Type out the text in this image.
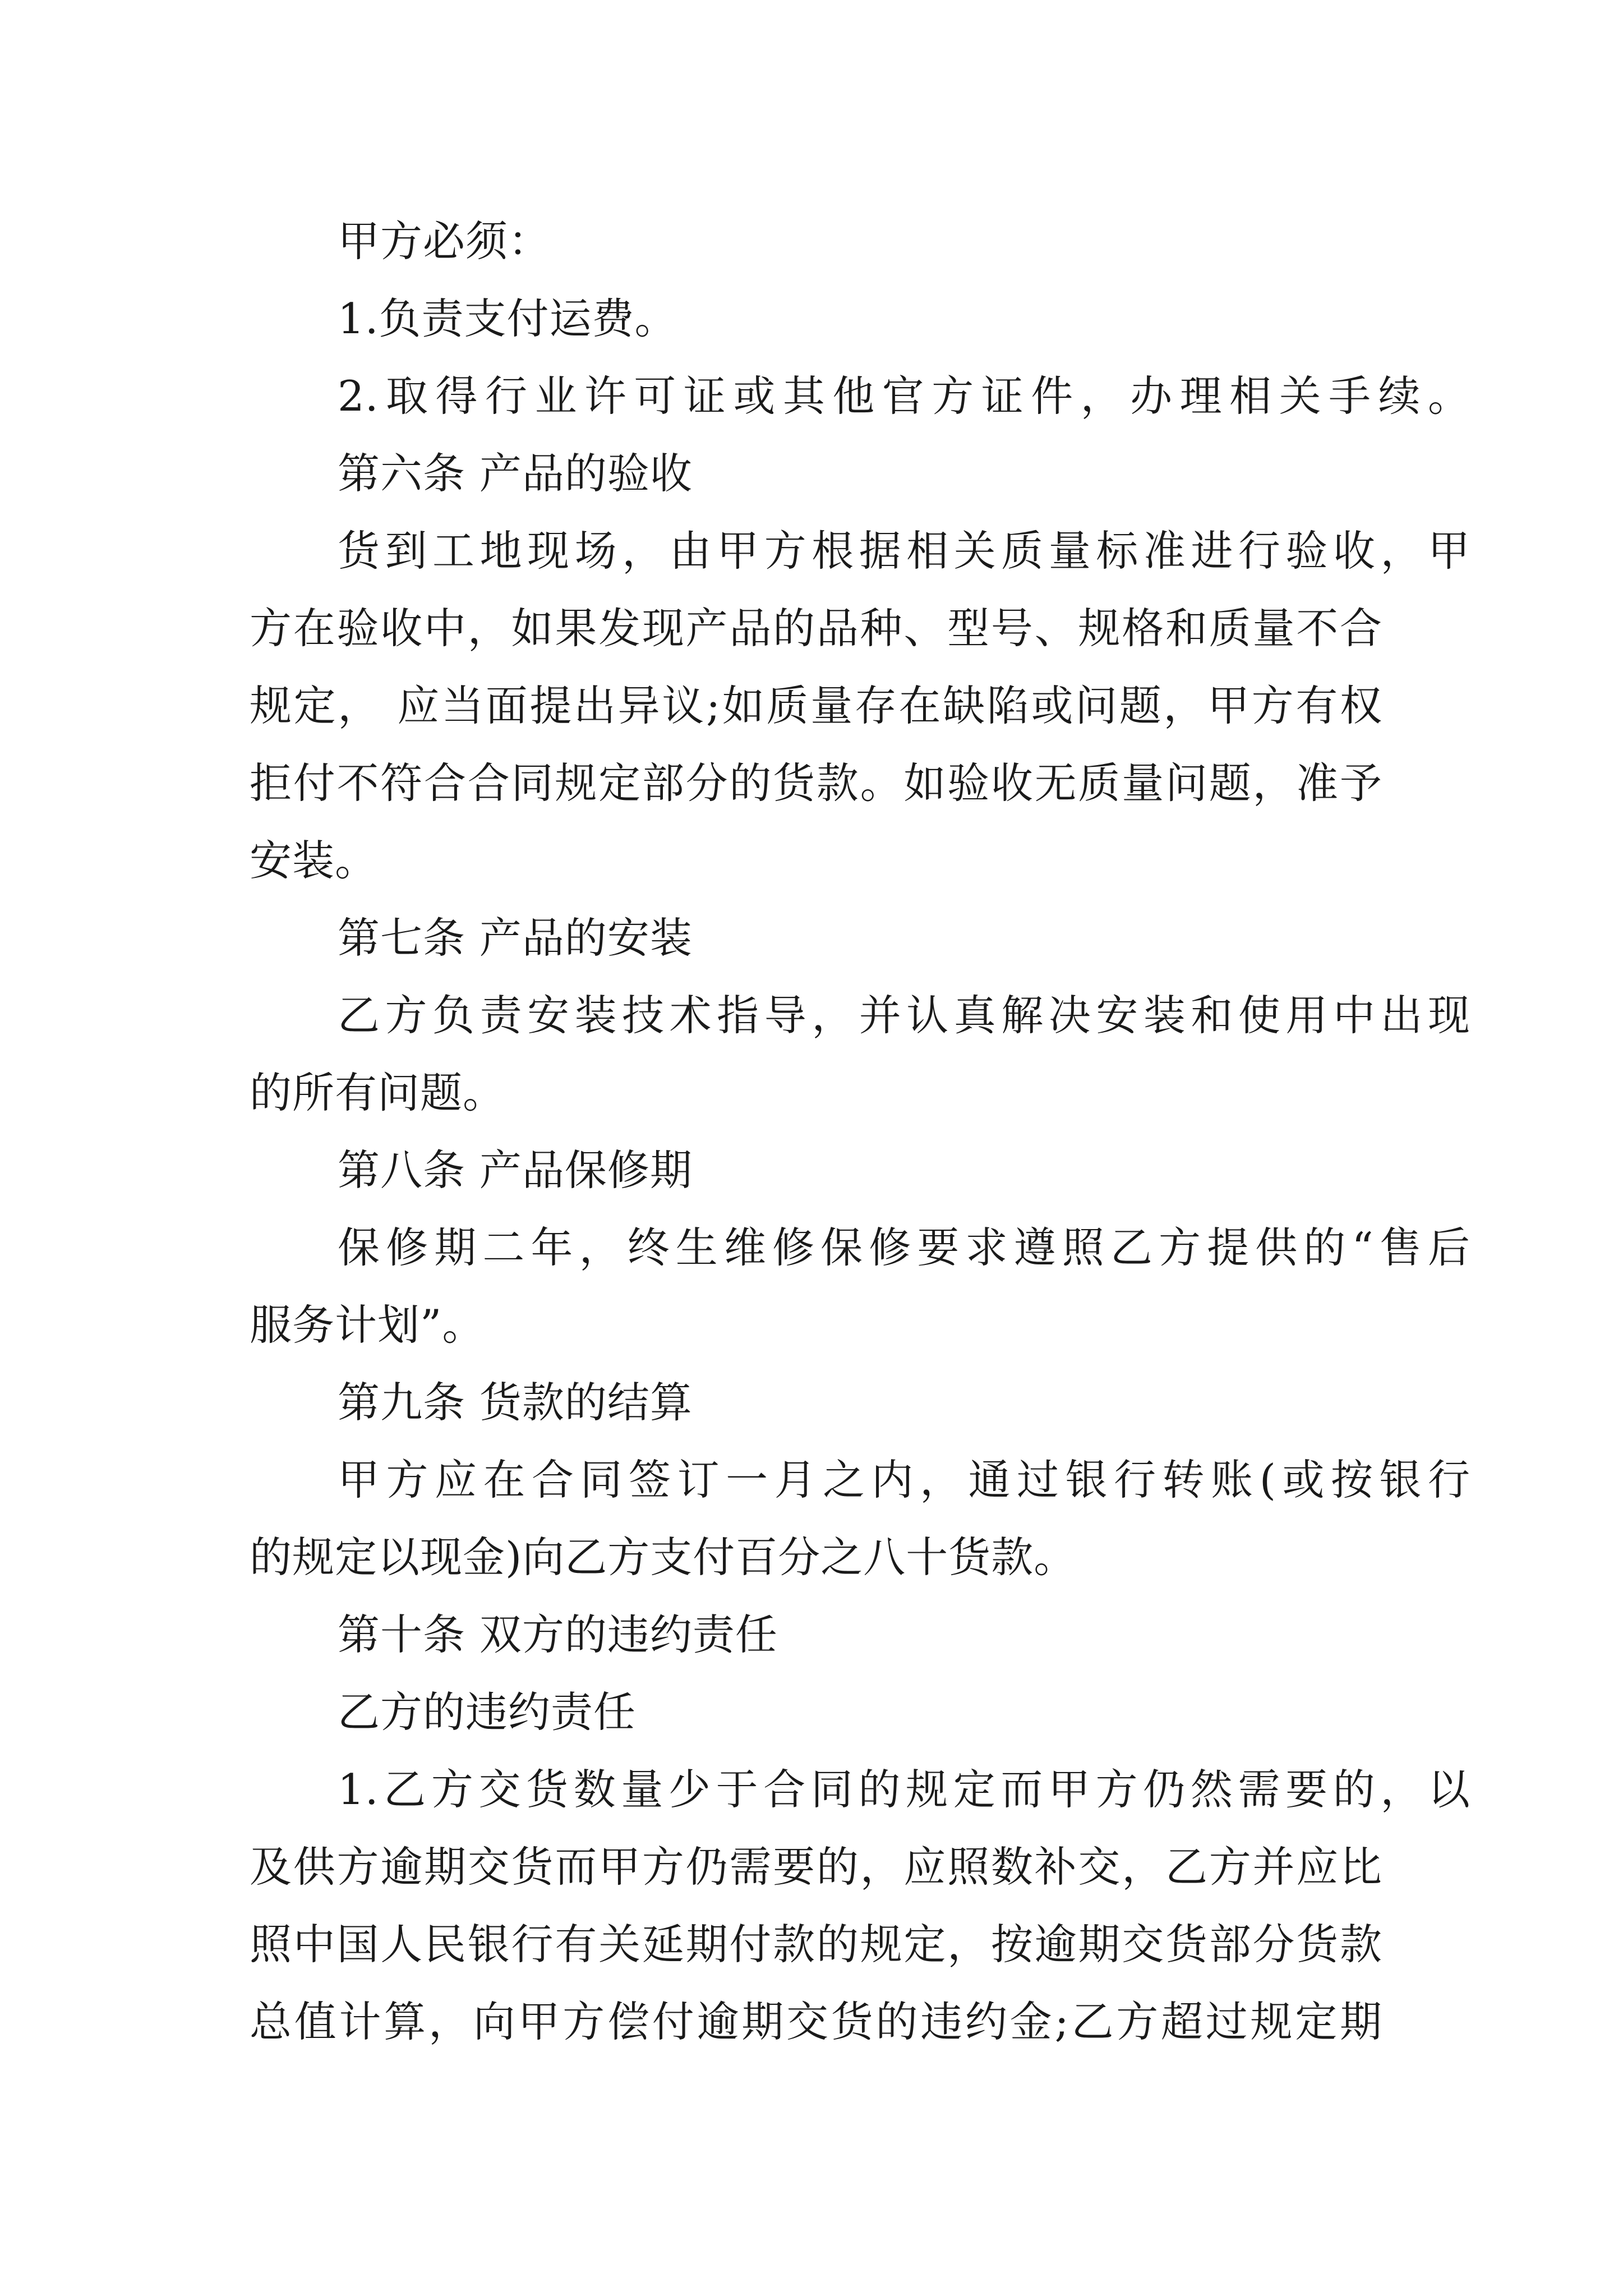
甲方必须：
1.负责支付运费。
2.取得行业许可证或其他官方证件，办理相关手续。
第六条 产品的验收
货到工地现场，由甲方根据相关质量标准进行验收，甲
方在验收中，如果发现产品的品种、型号、规格和质量不合
规定， 应当面提出异议;如质量存在缺陷或问题，甲方有权
拒付不符合合同规定部分的货款。如验收无质量问题，准予
安装。
第七条 产品的安装
乙方负责安装技术指导，并认真解决安装和使用中出现
的所有问题。
第八条 产品保修期
保修期二年，终生维修保修要求遵照乙方提供的“售后
服务计划”。
第九条 货款的结算
甲方应在合同签订一月之内，通过银行转账(或按银行
的规定以现金)向乙方支付百分之八十货款。
第十条 双方的违约责任
乙方的违约责任
1.乙方交货数量少于合同的规定而甲方仍然需要的，以
及供方逾期交货而甲方仍需要的，应照数补交，乙方并应比
照中国人民银行有关延期付款的规定，按逾期交货部分货款
总值计算，向甲方偿付逾期交货的违约金;乙方超过规定期
